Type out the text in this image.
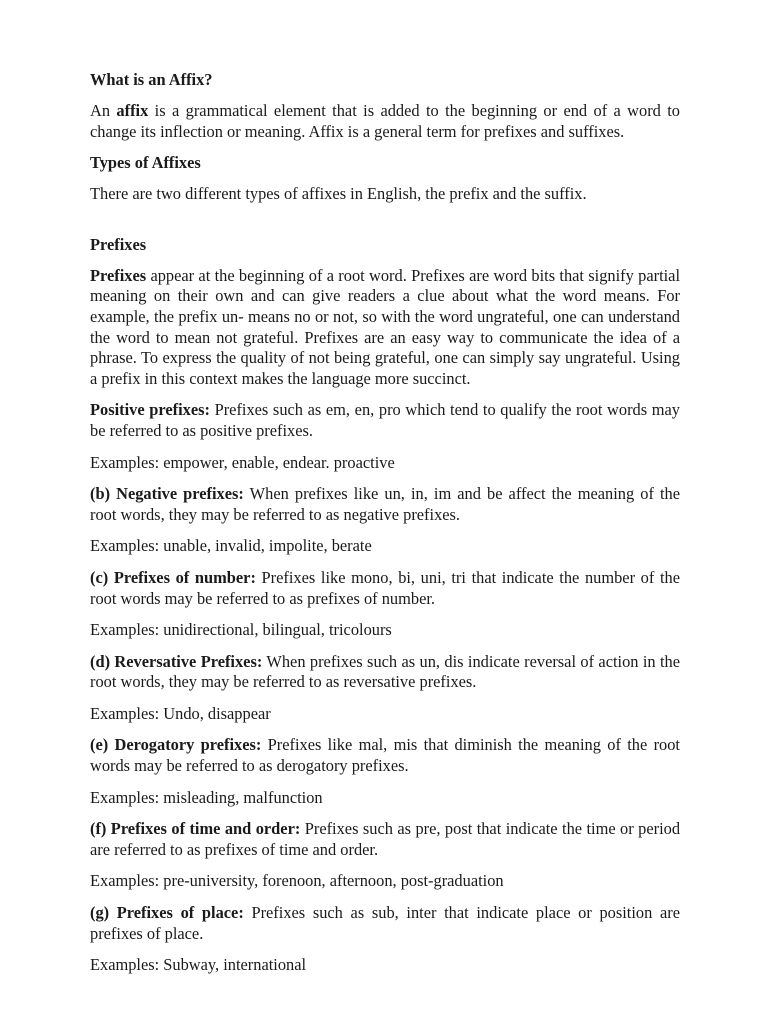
What is an Affix?

An affix is a grammatical element that is added to the beginning or end of a word to change its inflection or meaning. Affix is a general term for prefixes and suffixes.

Types of Affixes

There are two different types of affixes in English, the prefix and the suffix.

Prefixes

Prefixes appear at the beginning of a root word. Prefixes are word bits that signify partial meaning on their own and can give readers a clue about what the word means. For example, the prefix un- means no or not, so with the word ungrateful, one can understand the word to mean not grateful. Prefixes are an easy way to communicate the idea of a phrase. To express the quality of not being grateful, one can simply say ungrateful. Using a prefix in this context makes the language more succinct.

Positive prefixes: Prefixes such as em, en, pro which tend to qualify the root words may be referred to as positive prefixes.

Examples: empower, enable, endear. proactive

(b) Negative prefixes: When prefixes like un, in, im and be affect the meaning of the root words, they may be referred to as negative prefixes.

Examples: unable, invalid, impolite, berate

(c) Prefixes of number: Prefixes like mono, bi, uni, tri that indicate the number of the root words may be referred to as prefixes of number.

Examples: unidirectional, bilingual, tricolours

(d) Reversative Prefixes: When prefixes such as un, dis indicate reversal of action in the root words, they may be referred to as reversative prefixes.

Examples: Undo, disappear

(e) Derogatory prefixes: Prefixes like mal, mis that diminish the meaning of the root words may be referred to as derogatory prefixes.

Examples: misleading, malfunction

(f) Prefixes of time and order: Prefixes such as pre, post that indicate the time or period are referred to as prefixes of time and order.

Examples: pre-university, forenoon, afternoon, post-graduation

(g) Prefixes of place: Prefixes such as sub, inter that indicate place or position are prefixes of place.

Examples: Subway, international
